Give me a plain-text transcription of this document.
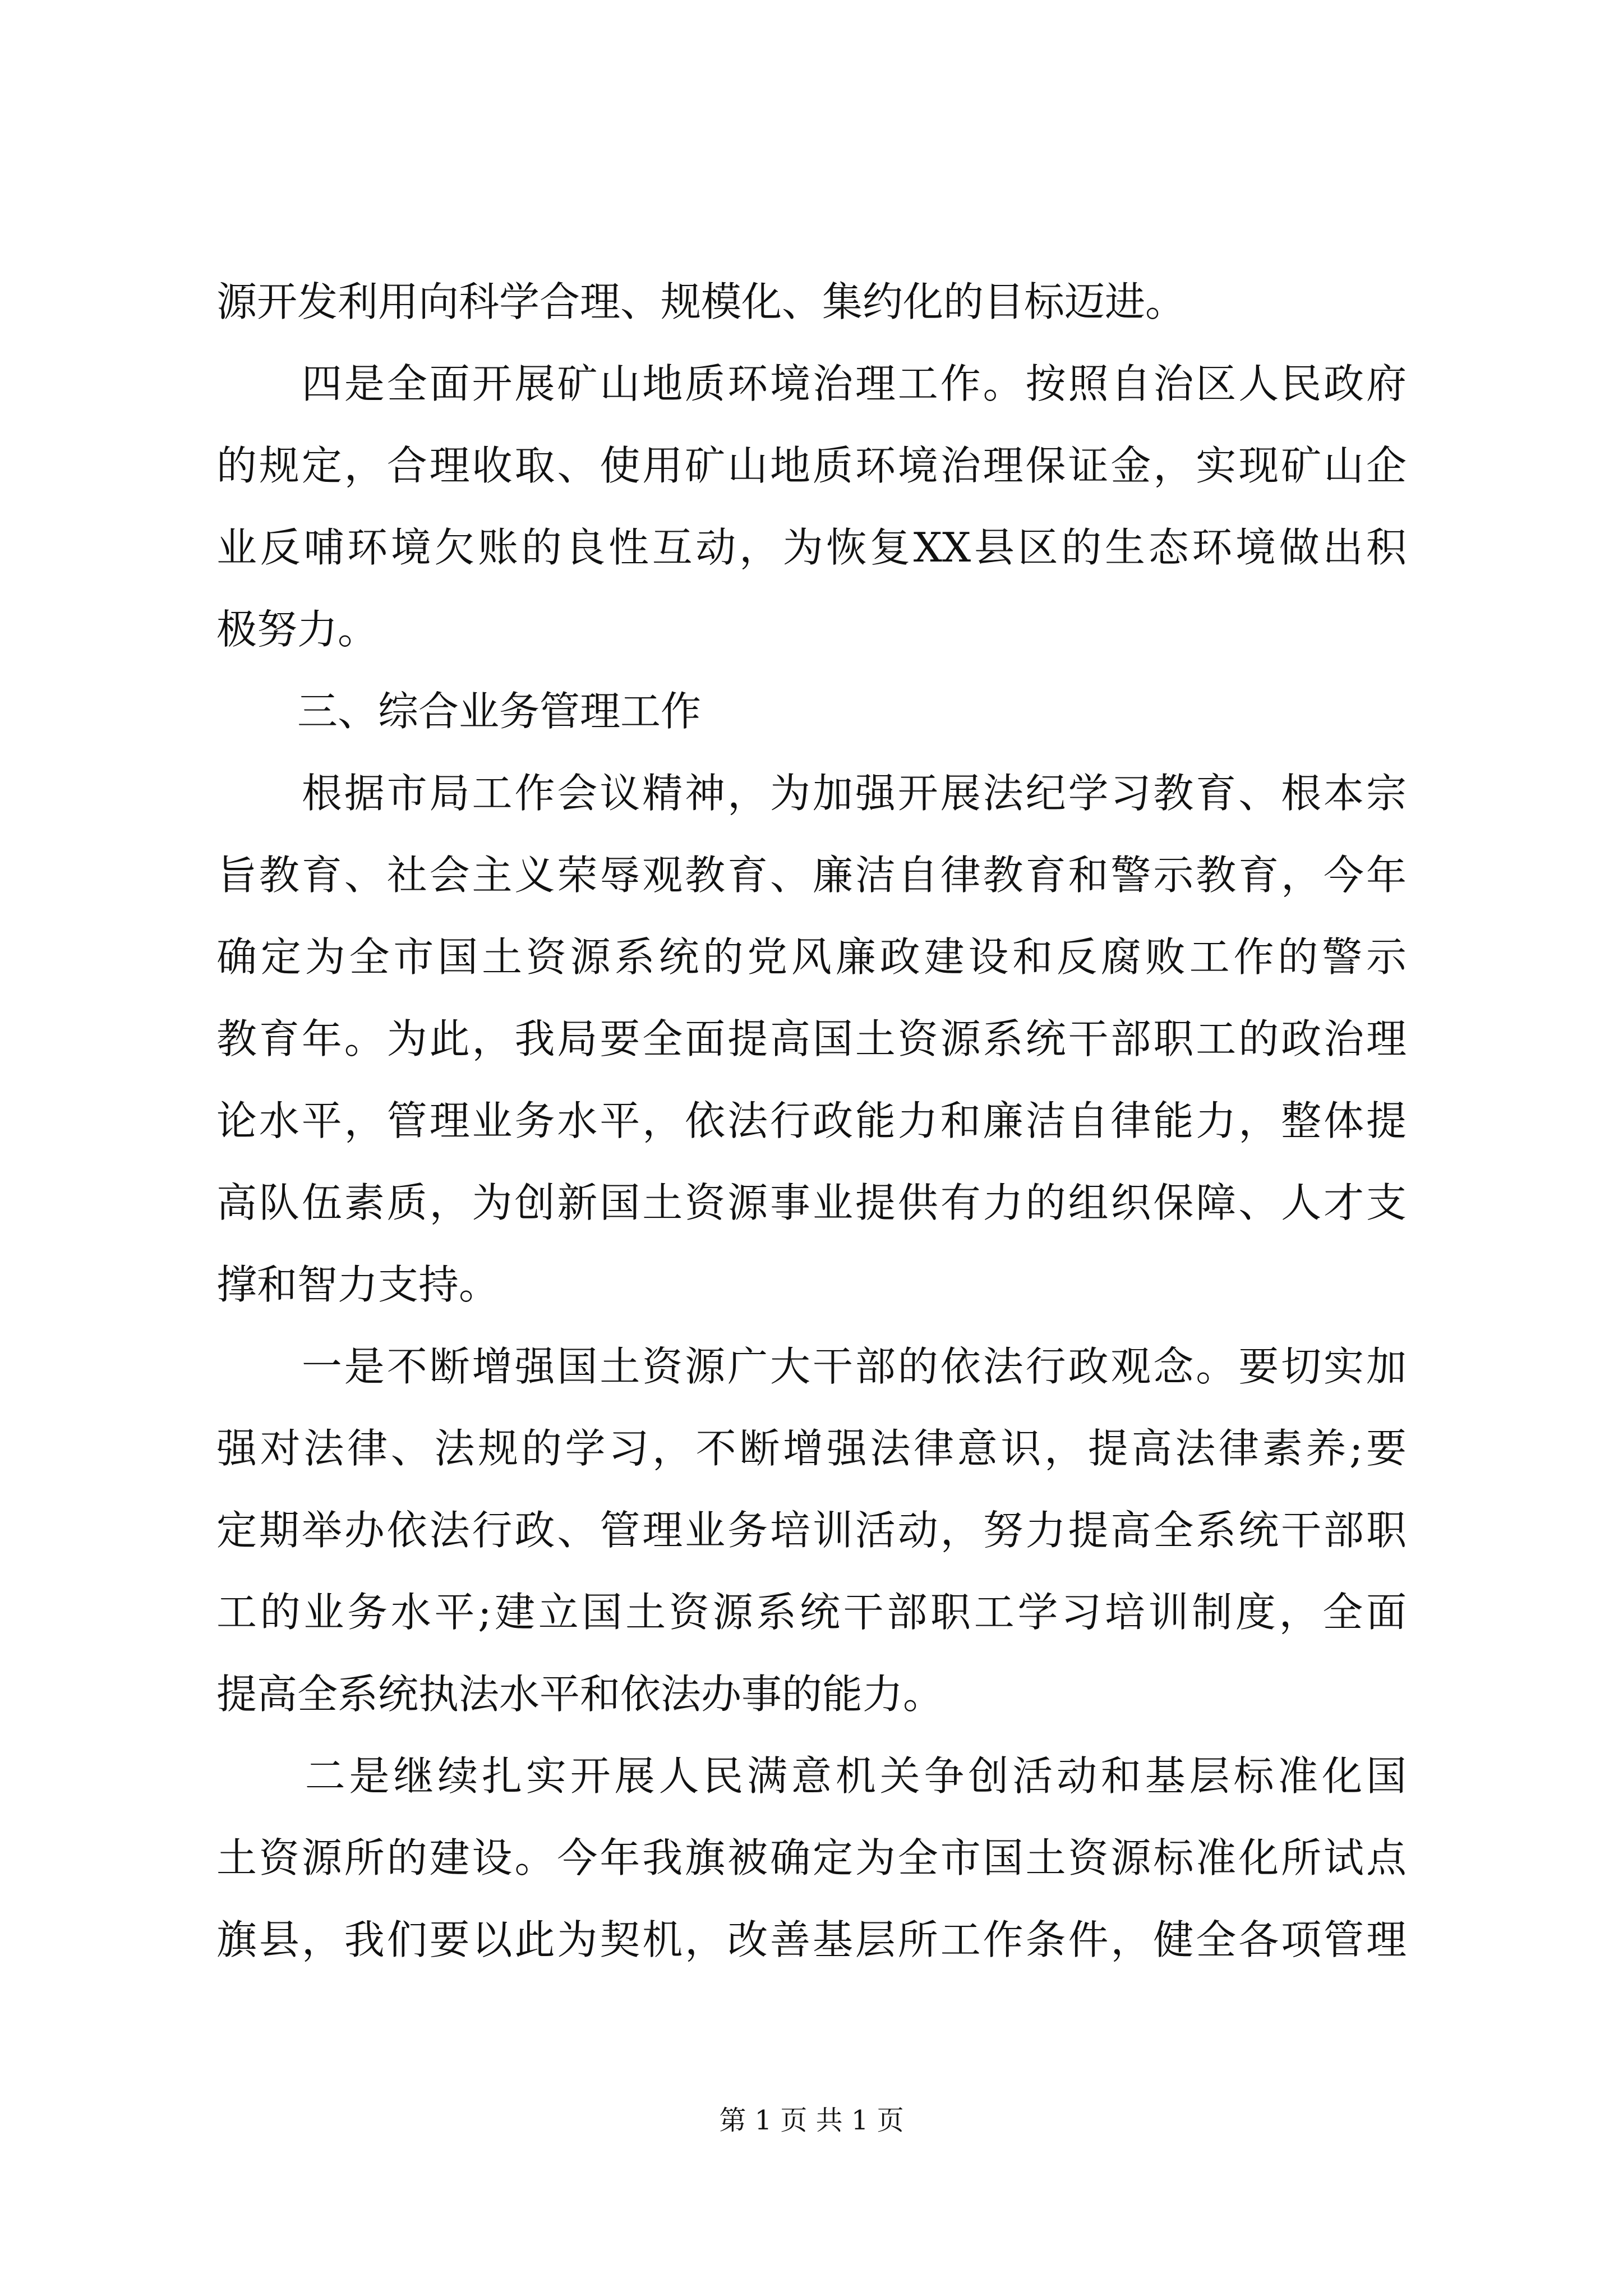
源开发利用向科学合理、规模化、集约化的目标迈进。
　　四是全面开展矿山地质环境治理工作。按照自治区人民政府
的规定，合理收取、使用矿山地质环境治理保证金，实现矿山企
业反哺环境欠账的良性互动，为恢复XX县区的生态环境做出积
极努力。
　　三、综合业务管理工作
　　根据市局工作会议精神，为加强开展法纪学习教育、根本宗
旨教育、社会主义荣辱观教育、廉洁自律教育和警示教育，今年
确定为全市国土资源系统的党风廉政建设和反腐败工作的警示
教育年。为此，我局要全面提高国土资源系统干部职工的政治理
论水平，管理业务水平，依法行政能力和廉洁自律能力，整体提
高队伍素质，为创新国土资源事业提供有力的组织保障、人才支
撑和智力支持。
　　一是不断增强国土资源广大干部的依法行政观念。要切实加
强对法律、法规的学习，不断增强法律意识，提高法律素养;要
定期举办依法行政、管理业务培训活动，努力提高全系统干部职
工的业务水平;建立国土资源系统干部职工学习培训制度，全面
提高全系统执法水平和依法办事的能力。
　　二是继续扎实开展人民满意机关争创活动和基层标准化国
土资源所的建设。今年我旗被确定为全市国土资源标准化所试点
旗县，我们要以此为契机，改善基层所工作条件，健全各项管理
第 1 页 共 1 页
